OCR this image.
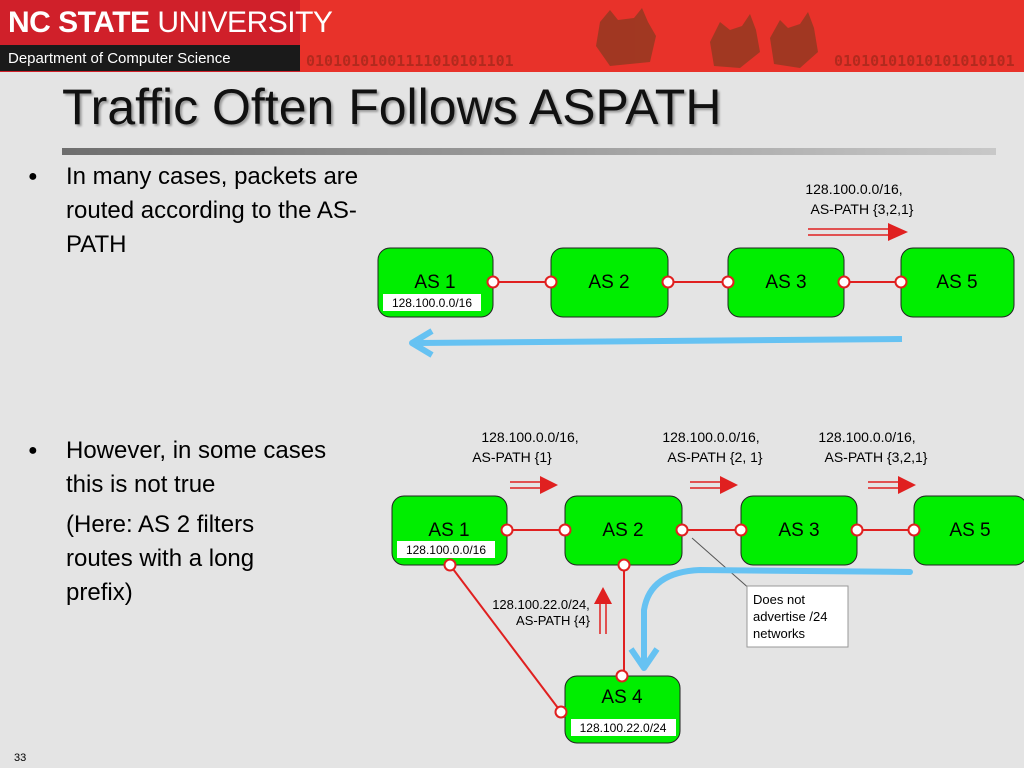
NC STATE UNIVERSITY
Department of Computer Science	01010101001111010101101	01010101010101010101
Traffic Often Follows ASPATH
● In many cases, packets are routed according to the AS-PATH
● However, in some cases this is not true
(Here: AS 2 filters routes with a long prefix)
AS 1	AS 2	AS 3	AS 5
128.100.0.0/16
128.100.0.0/16,
AS-PATH {3,2,1}
AS 1	AS 2	AS 3	AS 5
AS 4
128.100.0.0/16
128.100.22.0/24
128.100.0.0/16,
AS-PATH {1}
128.100.0.0/16,
AS-PATH {2, 1}
128.100.0.0/16,
AS-PATH {3,2,1}
128.100.22.0/24,
AS-PATH {4}
Does not
advertise /24
networks
33
